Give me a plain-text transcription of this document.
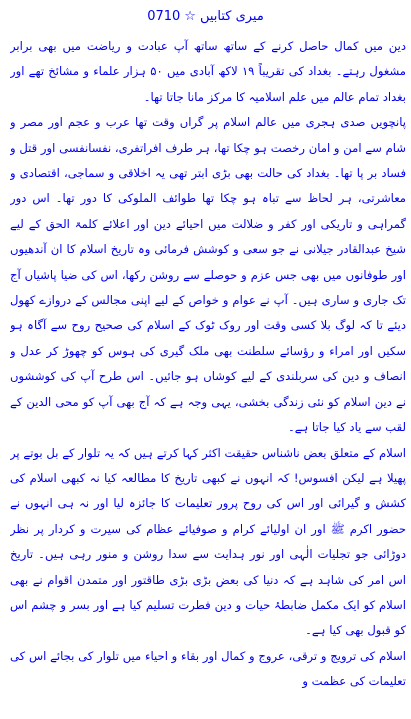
میری کتابیں
☆
0710

دین میں کمال حاصل کرنے کے ساتھ ساتھ آپ عبادت و ریاضت میں بھی برابر مشغول رہتے۔ بغداد کی تقریباً ۱۹ لاکھ آبادی میں ۵۰ ہزار علماء و مشائخ تھے اور بغداد تمام عالم میں علم اسلامیہ کا مرکز مانا جاتا تھا۔

پانچویں صدی ہجری میں عالم اسلام پر گراں وقت تھا عرب و عجم اور مصر و شام سے امن و امان رخصت ہو چکا تھا، ہر طرف افراتفری، نفسانفسی اور قتل و فساد بر پا تھا۔ بغداد کی حالت بھی بڑی ابتر تھی یہ اخلاقی و سماجی، اقتصادی و معاشرتی، ہر لحاظ سے تباہ ہو چکا تھا طوائف الملوکی کا دور تھا۔ اس دور گمراہی و تاریکی اور کفر و ضلالت میں احیائے دین اور اعلائے کلمۃ الحق کے لیے شیخ عبدالقادر جیلانی نے جو سعی و کوشش فرمائی وہ تاریخ اسلام کا ان آندھیوں اور طوفانوں میں بھی جس عزم و حوصلے سے روشن رکھا، اس کی ضیا پاشیاں آج تک جاری و ساری ہیں۔ آپ نے عوام و خواص کے لیے اپنی مجالس کے دروازے کھول دیئے تا کہ لوگ بلا کسی وقت اور روک ٹوک کے اسلام کی صحیح روح سے آگاہ ہو سکیں اور امراء و رؤسائے سلطنت بھی ملک گیری کی ہوس کو چھوڑ کر عدل و انصاف و دین کی سربلندی کے لیے کوشاں ہو جائیں۔ اس طرح آپ کی کوششوں نے دین اسلام کو نئی زندگی بخشی، یہی وجہ ہے کہ آج بھی آپ کو محی الدین کے لقب سے یاد کیا جاتا ہے۔

اسلام کے متعلق بعض ناشناس حقیقت اکثر کہا کرتے ہیں کہ یہ تلوار کے بل بوتے پر پھیلا ہے لیکن افسوس! کہ انہوں نے کبھی تاریخ کا مطالعہ کیا نہ کبھی اسلام کی کشش و گیرائی اور اس کی روح پرور تعلیمات کا جائزہ لیا اور نہ ہی انہوں نے حضور اکرم ﷺ اور ان اولیائے کرام و صوفیائے عظام کی سیرت و کردار پر نظر دوڑائی جو تجلیات الٰہی اور نور ہدایت سے سدا روشن و منور رہی ہیں۔ تاریخ اس امر کی شاہد ہے کہ دنیا کی بعض بڑی بڑی طاقتور اور متمدن اقوام نے بھی اسلام کو ایک مکمل ضابطۂ حیات و دین فطرت تسلیم کیا ہے اور بسر و چشم اس کو قبول بھی کیا ہے۔

اسلام کی ترویج و ترقی، عروج و کمال اور بقاء و احیاء میں تلوار کی بجائے اس کی تعلیمات کی عظمت و
